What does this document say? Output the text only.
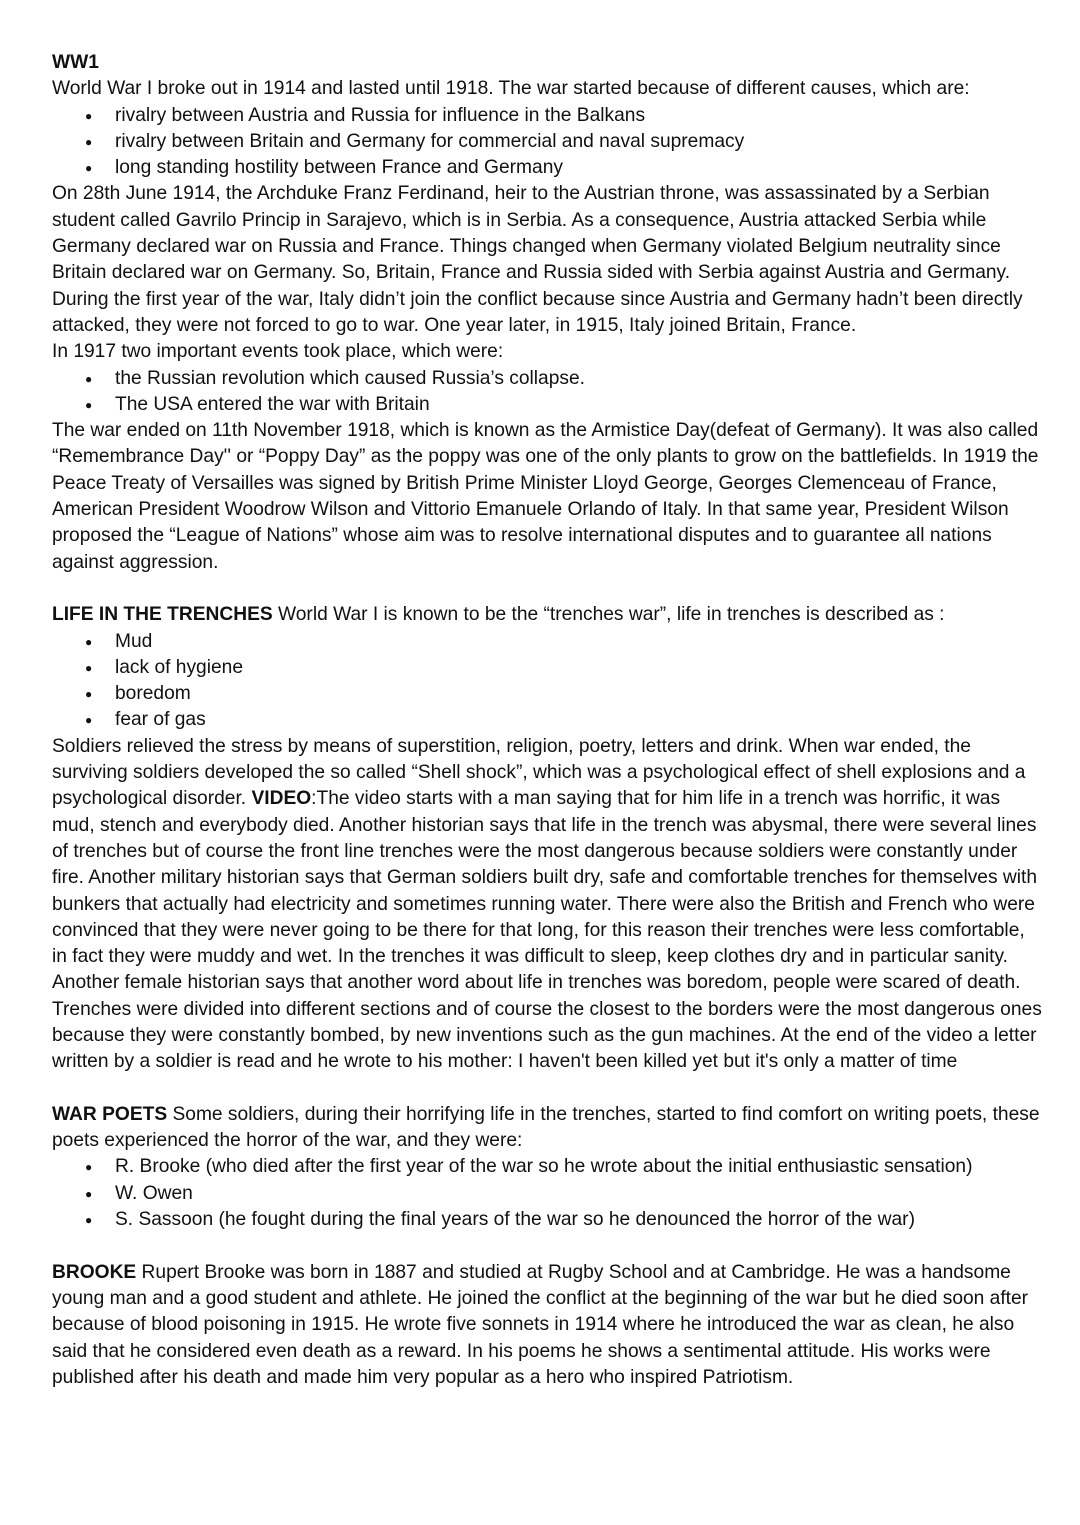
WW1

World War I broke out in 1914 and lasted until 1918. The war started because of different causes, which are:

● rivalry between Austria and Russia for influence in the Balkans
● rivalry between Britain and Germany for commercial and naval supremacy
● long standing hostility between France and Germany

On 28th June 1914, the Archduke Franz Ferdinand, heir to the Austrian throne, was assassinated by a Serbian student called Gavrilo Princip in Sarajevo, which is in Serbia. As a consequence, Austria attacked Serbia while Germany declared war on Russia and France. Things changed when Germany violated Belgium neutrality since Britain declared war on Germany. So, Britain, France and Russia sided with Serbia against Austria and Germany. During the first year of the war, Italy didn’t join the conflict because since Austria and Germany hadn’t been directly attacked, they were not forced to go to war. One year later, in 1915, Italy joined Britain, France.

In 1917 two important events took place, which were:

● the Russian revolution which caused Russia’s collapse.
● The USA entered the war with Britain

The war ended on 11th November 1918, which is known as the Armistice Day(defeat of Germany). It was also called “Remembrance Day'' or “Poppy Day” as the poppy was one of the only plants to grow on the battlefields. In 1919 the Peace Treaty of Versailles was signed by British Prime Minister Lloyd George, Georges Clemenceau of France, American President Woodrow Wilson and Vittorio Emanuele Orlando of Italy. In that same year, President Wilson proposed the “League of Nations” whose aim was to resolve international disputes and to guarantee all nations against aggression.

LIFE IN THE TRENCHES World War I is known to be the “trenches war”, life in trenches is described as :

● Mud
● lack of hygiene
● boredom
● fear of gas

Soldiers relieved the stress by means of superstition, religion, poetry, letters and drink. When war ended, the surviving soldiers developed the so called “Shell shock”, which was a psychological effect of shell explosions and a psychological disorder. VIDEO:The video starts with a man saying that for him life in a trench was horrific, it was mud, stench and everybody died. Another historian says that life in the trench was abysmal, there were several lines of trenches but of course the front line trenches were the most dangerous because soldiers were constantly under fire. Another military historian says that German soldiers built dry, safe and comfortable trenches for themselves with bunkers that actually had electricity and sometimes running water. There were also the British and French who were convinced that they were never going to be there for that long, for this reason their trenches were less comfortable, in fact they were muddy and wet. In the trenches it was difficult to sleep, keep clothes dry and in particular sanity. Another female historian says that another word about life in trenches was boredom, people were scared of death. Trenches were divided into different sections and of course the closest to the borders were the most dangerous ones because they were constantly bombed, by new inventions such as the gun machines. At the end of the video a letter written by a soldier is read and he wrote to his mother: I haven't been killed yet but it's only a matter of time

WAR POETS Some soldiers, during their horrifying life in the trenches, started to find comfort on writing poets, these poets experienced the horror of the war, and they were:

● R. Brooke (who died after the first year of the war so he wrote about the initial enthusiastic sensation)
● W. Owen
● S. Sassoon (he fought during the final years of the war so he denounced the horror of the war)

BROOKE Rupert Brooke was born in 1887 and studied at Rugby School and at Cambridge. He was a handsome young man and a good student and athlete. He joined the conflict at the beginning of the war but he died soon after because of blood poisoning in 1915. He wrote five sonnets in 1914 where he introduced the war as clean, he also said that he considered even death as a reward. In his poems he shows a sentimental attitude. His works were published after his death and made him very popular as a hero who inspired Patriotism.
